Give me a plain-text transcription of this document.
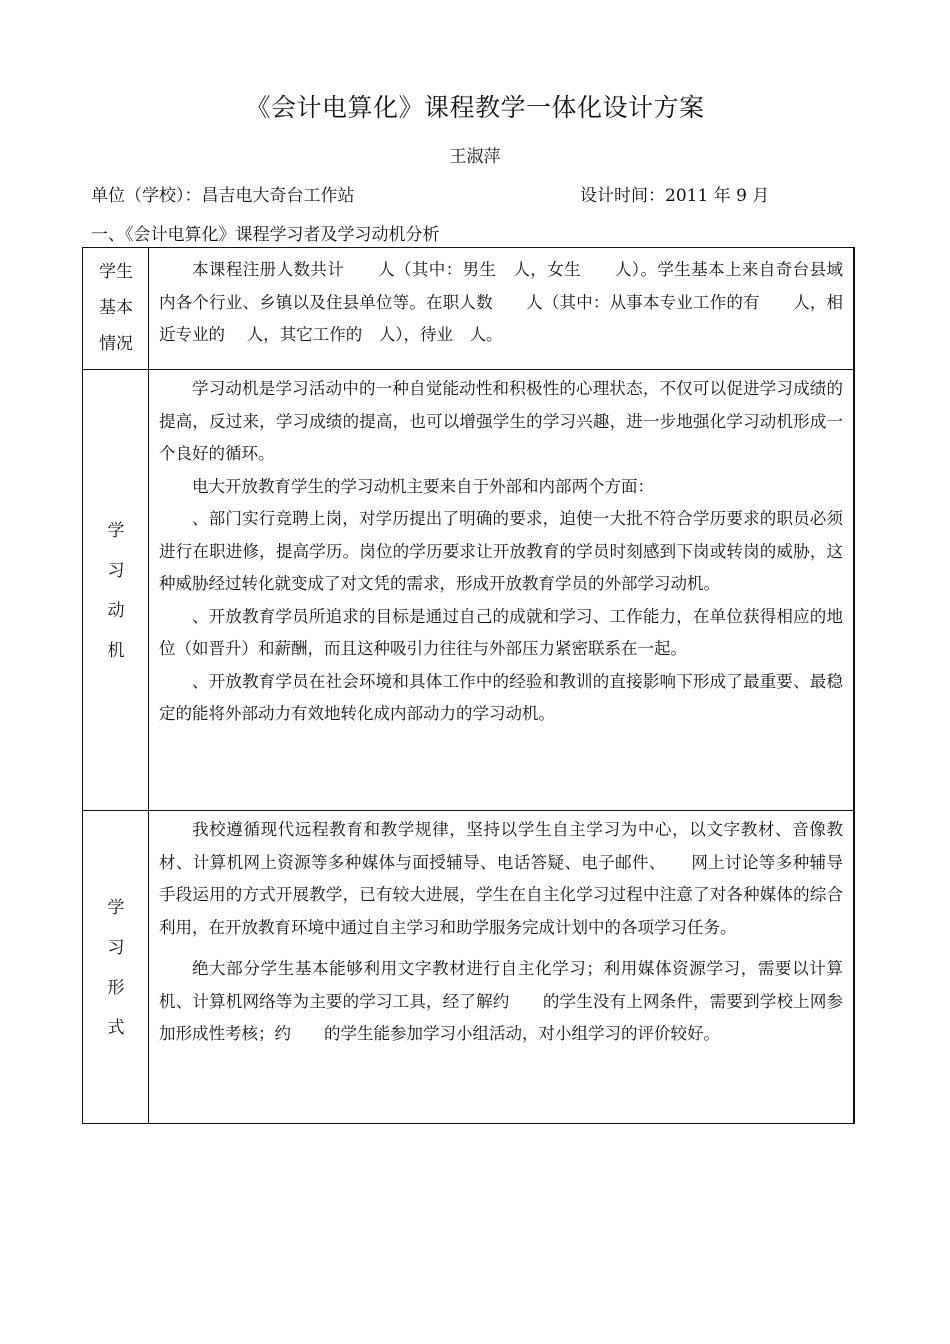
《会计电算化》课程教学一体化设计方案
王淑萍
单位（学校）：昌吉电大奇台工作站	设计时间：2011 年 9 月
一、《会计电算化》课程学习者及学习动机分析
学生
基本
情况

本课程注册人数共计　　人（其中：男生　人，女生　　人）。学生基本上来自奇台县域内各个行业、乡镇以及住县单位等。在职人数　　人（其中：从事本专业工作的有　　人，相近专业的　 人，其它工作的　人），待业　人。

学
习
动
机

学习动机是学习活动中的一种自觉能动性和积极性的心理状态，不仅可以促进学习成绩的提高，反过来，学习成绩的提高，也可以增强学生的学习兴趣，进一步地强化学习动机形成一个良好的循环。

电大开放教育学生的学习动机主要来自于外部和内部两个方面：

、部门实行竞聘上岗，对学历提出了明确的要求，迫使一大批不符合学历要求的职员必须进行在职进修，提高学历。岗位的学历要求让开放教育的学员时刻感到下岗或转岗的威胁，这种威胁经过转化就变成了对文凭的需求，形成开放教育学员的外部学习动机。

、开放教育学员所追求的目标是通过自己的成就和学习、工作能力，在单位获得相应的地位（如晋升）和薪酬，而且这种吸引力往往与外部压力紧密联系在一起。

、开放教育学员在社会环境和具体工作中的经验和教训的直接影响下形成了最重要、最稳定的能将外部动力有效地转化成内部动力的学习动机。

学
习
形
式

我校遵循现代远程教育和教学规律，坚持以学生自主学习为中心，以文字教材、音像教材、计算机网上资源等多种媒体与面授辅导、电话答疑、电子邮件、　　网上讨论等多种辅导手段运用的方式开展教学，已有较大进展，学生在自主化学习过程中注意了对各种媒体的综合利用，在开放教育环境中通过自主学习和助学服务完成计划中的各项学习任务。

绝大部分学生基本能够利用文字教材进行自主化学习；利用媒体资源学习，需要以计算机、计算机网络等为主要的学习工具，经了解约　　的学生没有上网条件，需要到学校上网参加形成性考核；约　　的学生能参加学习小组活动，对小组学习的评价较好。
